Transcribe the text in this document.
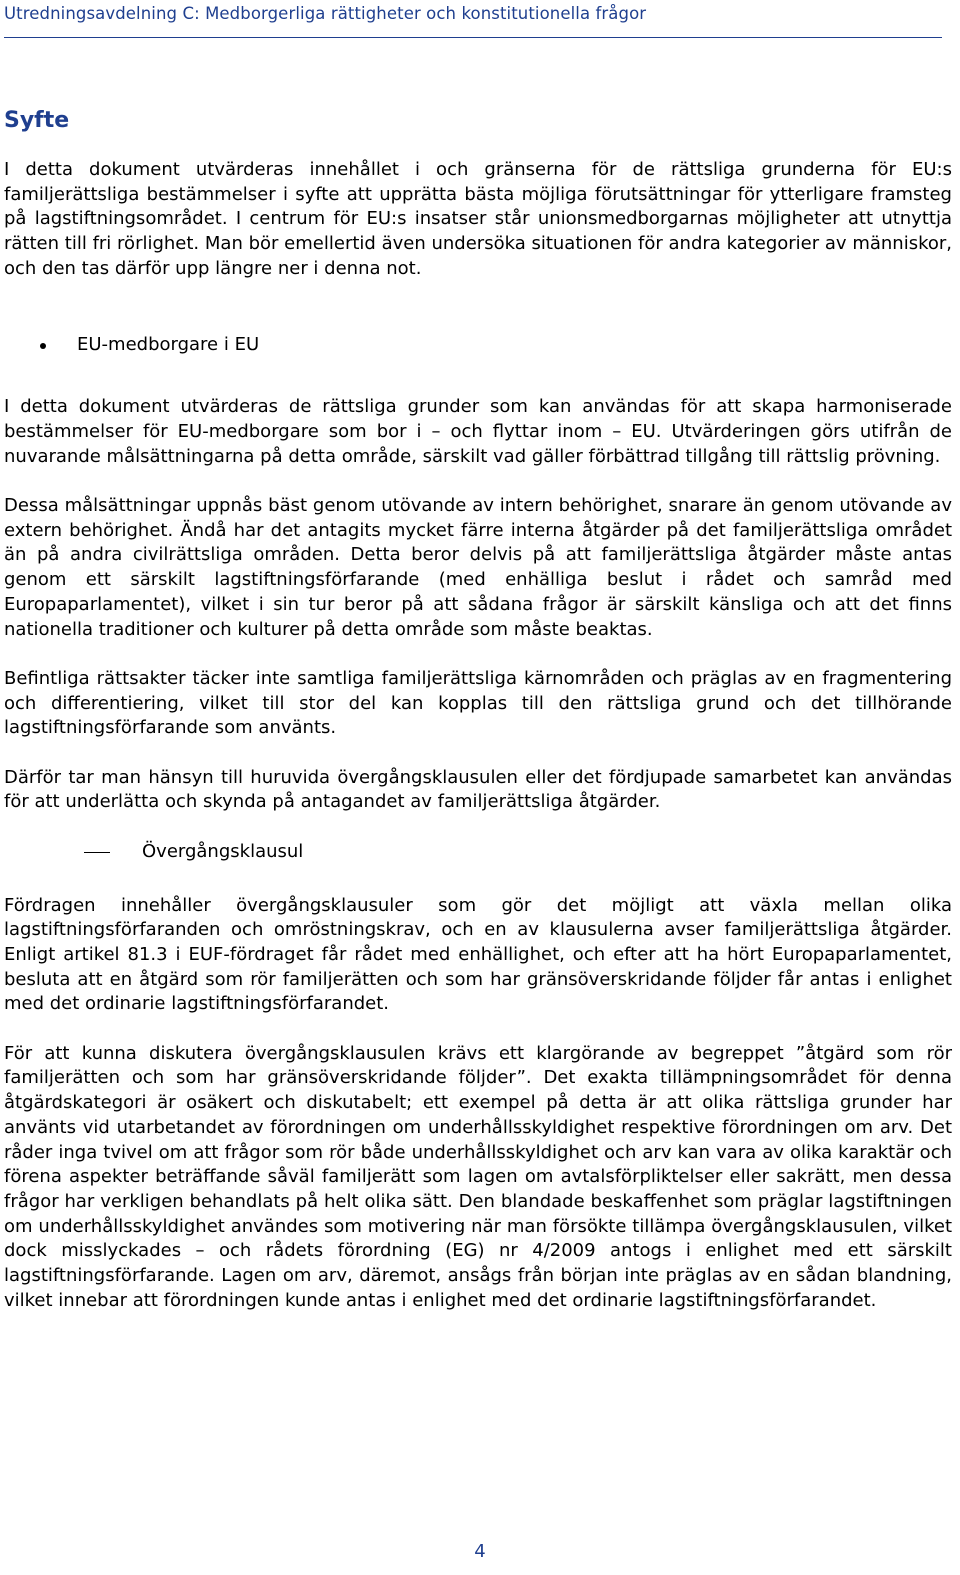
Utredningsavdelning C: Medborgerliga rättigheter och konstitutionella frågor
Syfte

I detta dokument utvärderas innehållet i och gränserna för de rättsliga grunderna för EU:s familjerättsliga bestämmelser i syfte att upprätta bästa möjliga förutsättningar för ytterligare framsteg på lagstiftningsområdet. I centrum för EU:s insatser står unionsmedborgarnas möjligheter att utnyttja rätten till fri rörlighet. Man bör emellertid även undersöka situationen för andra kategorier av människor, och den tas därför upp längre ner i denna not.

EU-medborgare i EU

I detta dokument utvärderas de rättsliga grunder som kan användas för att skapa harmoniserade bestämmelser för EU-medborgare som bor i – och flyttar inom – EU. Utvärderingen görs utifrån de nuvarande målsättningarna på detta område, särskilt vad gäller förbättrad tillgång till rättslig prövning.

Dessa målsättningar uppnås bäst genom utövande av intern behörighet, snarare än genom utövande av extern behörighet. Ändå har det antagits mycket färre interna åtgärder på det familjerättsliga området än på andra civilrättsliga områden. Detta beror delvis på att familjerättsliga åtgärder måste antas genom ett särskilt lagstiftningsförfarande (med enhälliga beslut i rådet och samråd med Europaparlamentet), vilket i sin tur beror på att sådana frågor är särskilt känsliga och att det finns nationella traditioner och kulturer på detta område som måste beaktas.

Befintliga rättsakter täcker inte samtliga familjerättsliga kärnområden och präglas av en fragmentering och differentiering, vilket till stor del kan kopplas till den rättsliga grund och det tillhörande lagstiftningsförfarande som använts.

Därför tar man hänsyn till huruvida övergångsklausulen eller det fördjupade samarbetet kan användas för att underlätta och skynda på antagandet av familjerättsliga åtgärder.

Övergångsklausul

Fördragen innehåller övergångsklausuler som gör det möjligt att växla mellan olika lagstiftningsförfaranden och omröstningskrav, och en av klausulerna avser familjerättsliga åtgärder. Enligt artikel 81.3 i EUF-fördraget får rådet med enhällighet, och efter att ha hört Europaparlamentet, besluta att en åtgärd som rör familjerätten och som har gränsöverskridande följder får antas i enlighet med det ordinarie lagstiftningsförfarandet.

För att kunna diskutera övergångsklausulen krävs ett klargörande av begreppet ”åtgärd som rör familjerätten och som har gränsöverskridande följder”. Det exakta tillämpningsområdet för denna åtgärdskategori är osäkert och diskutabelt; ett exempel på detta är att olika rättsliga grunder har använts vid utarbetandet av förordningen om underhållsskyldighet respektive förordningen om arv. Det råder inga tvivel om att frågor som rör både underhållsskyldighet och arv kan vara av olika karaktär och förena aspekter beträffande såväl familjerätt som lagen om avtalsförpliktelser eller sakrätt, men dessa frågor har verkligen behandlats på helt olika sätt. Den blandade beskaffenhet som präglar lagstiftningen om underhållsskyldighet användes som motivering när man försökte tillämpa övergångsklausulen, vilket dock misslyckades – och rådets förordning (EG) nr 4/2009 antogs i enlighet med ett särskilt lagstiftningsförfarande. Lagen om arv, däremot, ansågs från början inte präglas av en sådan blandning, vilket innebar att förordningen kunde antas i enlighet med det ordinarie lagstiftningsförfarandet.

4
